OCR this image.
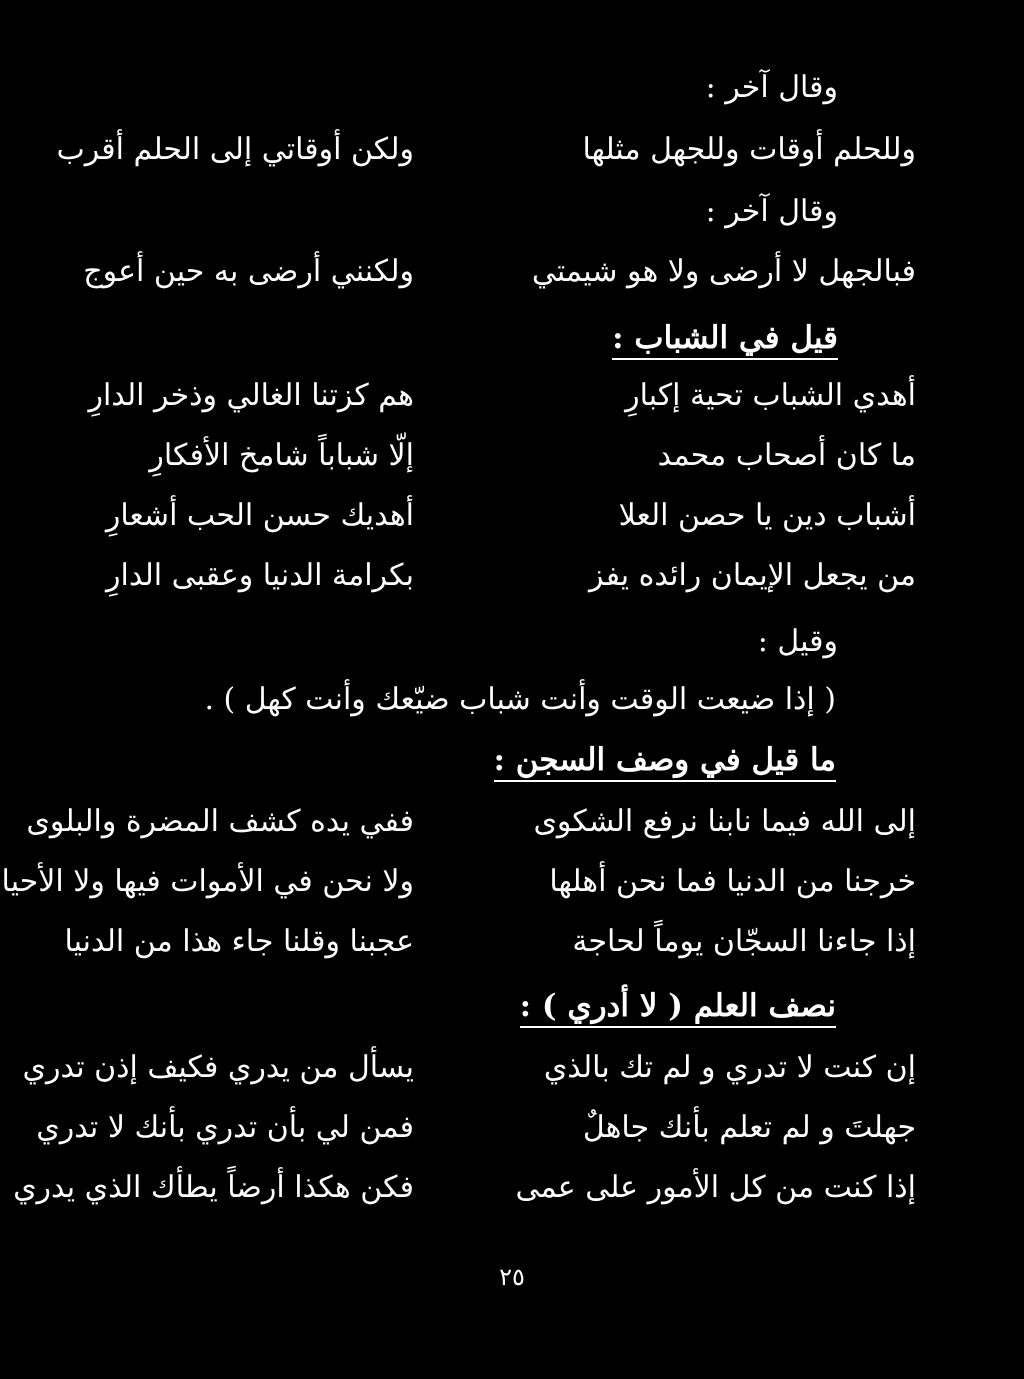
وقال آخر :
وللحلم أوقات وللجهل مثلها
ولكن أوقاتي إلى الحلم أقرب
وقال آخر :
فبالجهل لا أرضى ولا هو شيمتي
ولكنني أرضى به حين أعوج
قيل في الشباب :
أهدي الشباب تحية إكبارِ
هم كزتنا الغالي وذخر الدارِ
ما كان أصحاب محمد
إلّا شباباً شامخ الأفكارِ
أشباب دين يا حصن العلا
أهديك حسن الحب أشعارِ
من يجعل الإيمان رائده يفز
بكرامة الدنيا وعقبى الدارِ
وقيل :
( إذا ضيعت الوقت وأنت شباب ضيّعك وأنت كهل ) .
ما قيل في وصف السجن :
إلى الله فيما نابنا نرفع الشكوى
ففي يده كشف المضرة والبلوى
خرجنا من الدنيا فما نحن أهلها
ولا نحن في الأموات فيها ولا الأحيا
إذا جاءنا السجّان يوماً لحاجة
عجبنا وقلنا جاء هذا من الدنيا
نصف العلم ( لا أدري ) :
إن كنت لا تدري و لم تك بالذي
يسأل من يدري فكيف إذن تدري
جهلتَ و لم تعلم بأنك جاهلٌ
فمن لي بأن تدري بأنك لا تدري
إذا كنت من كل الأمور على عمى
فكن هكذا أرضاً يطأك الذي يدري
٢٥
